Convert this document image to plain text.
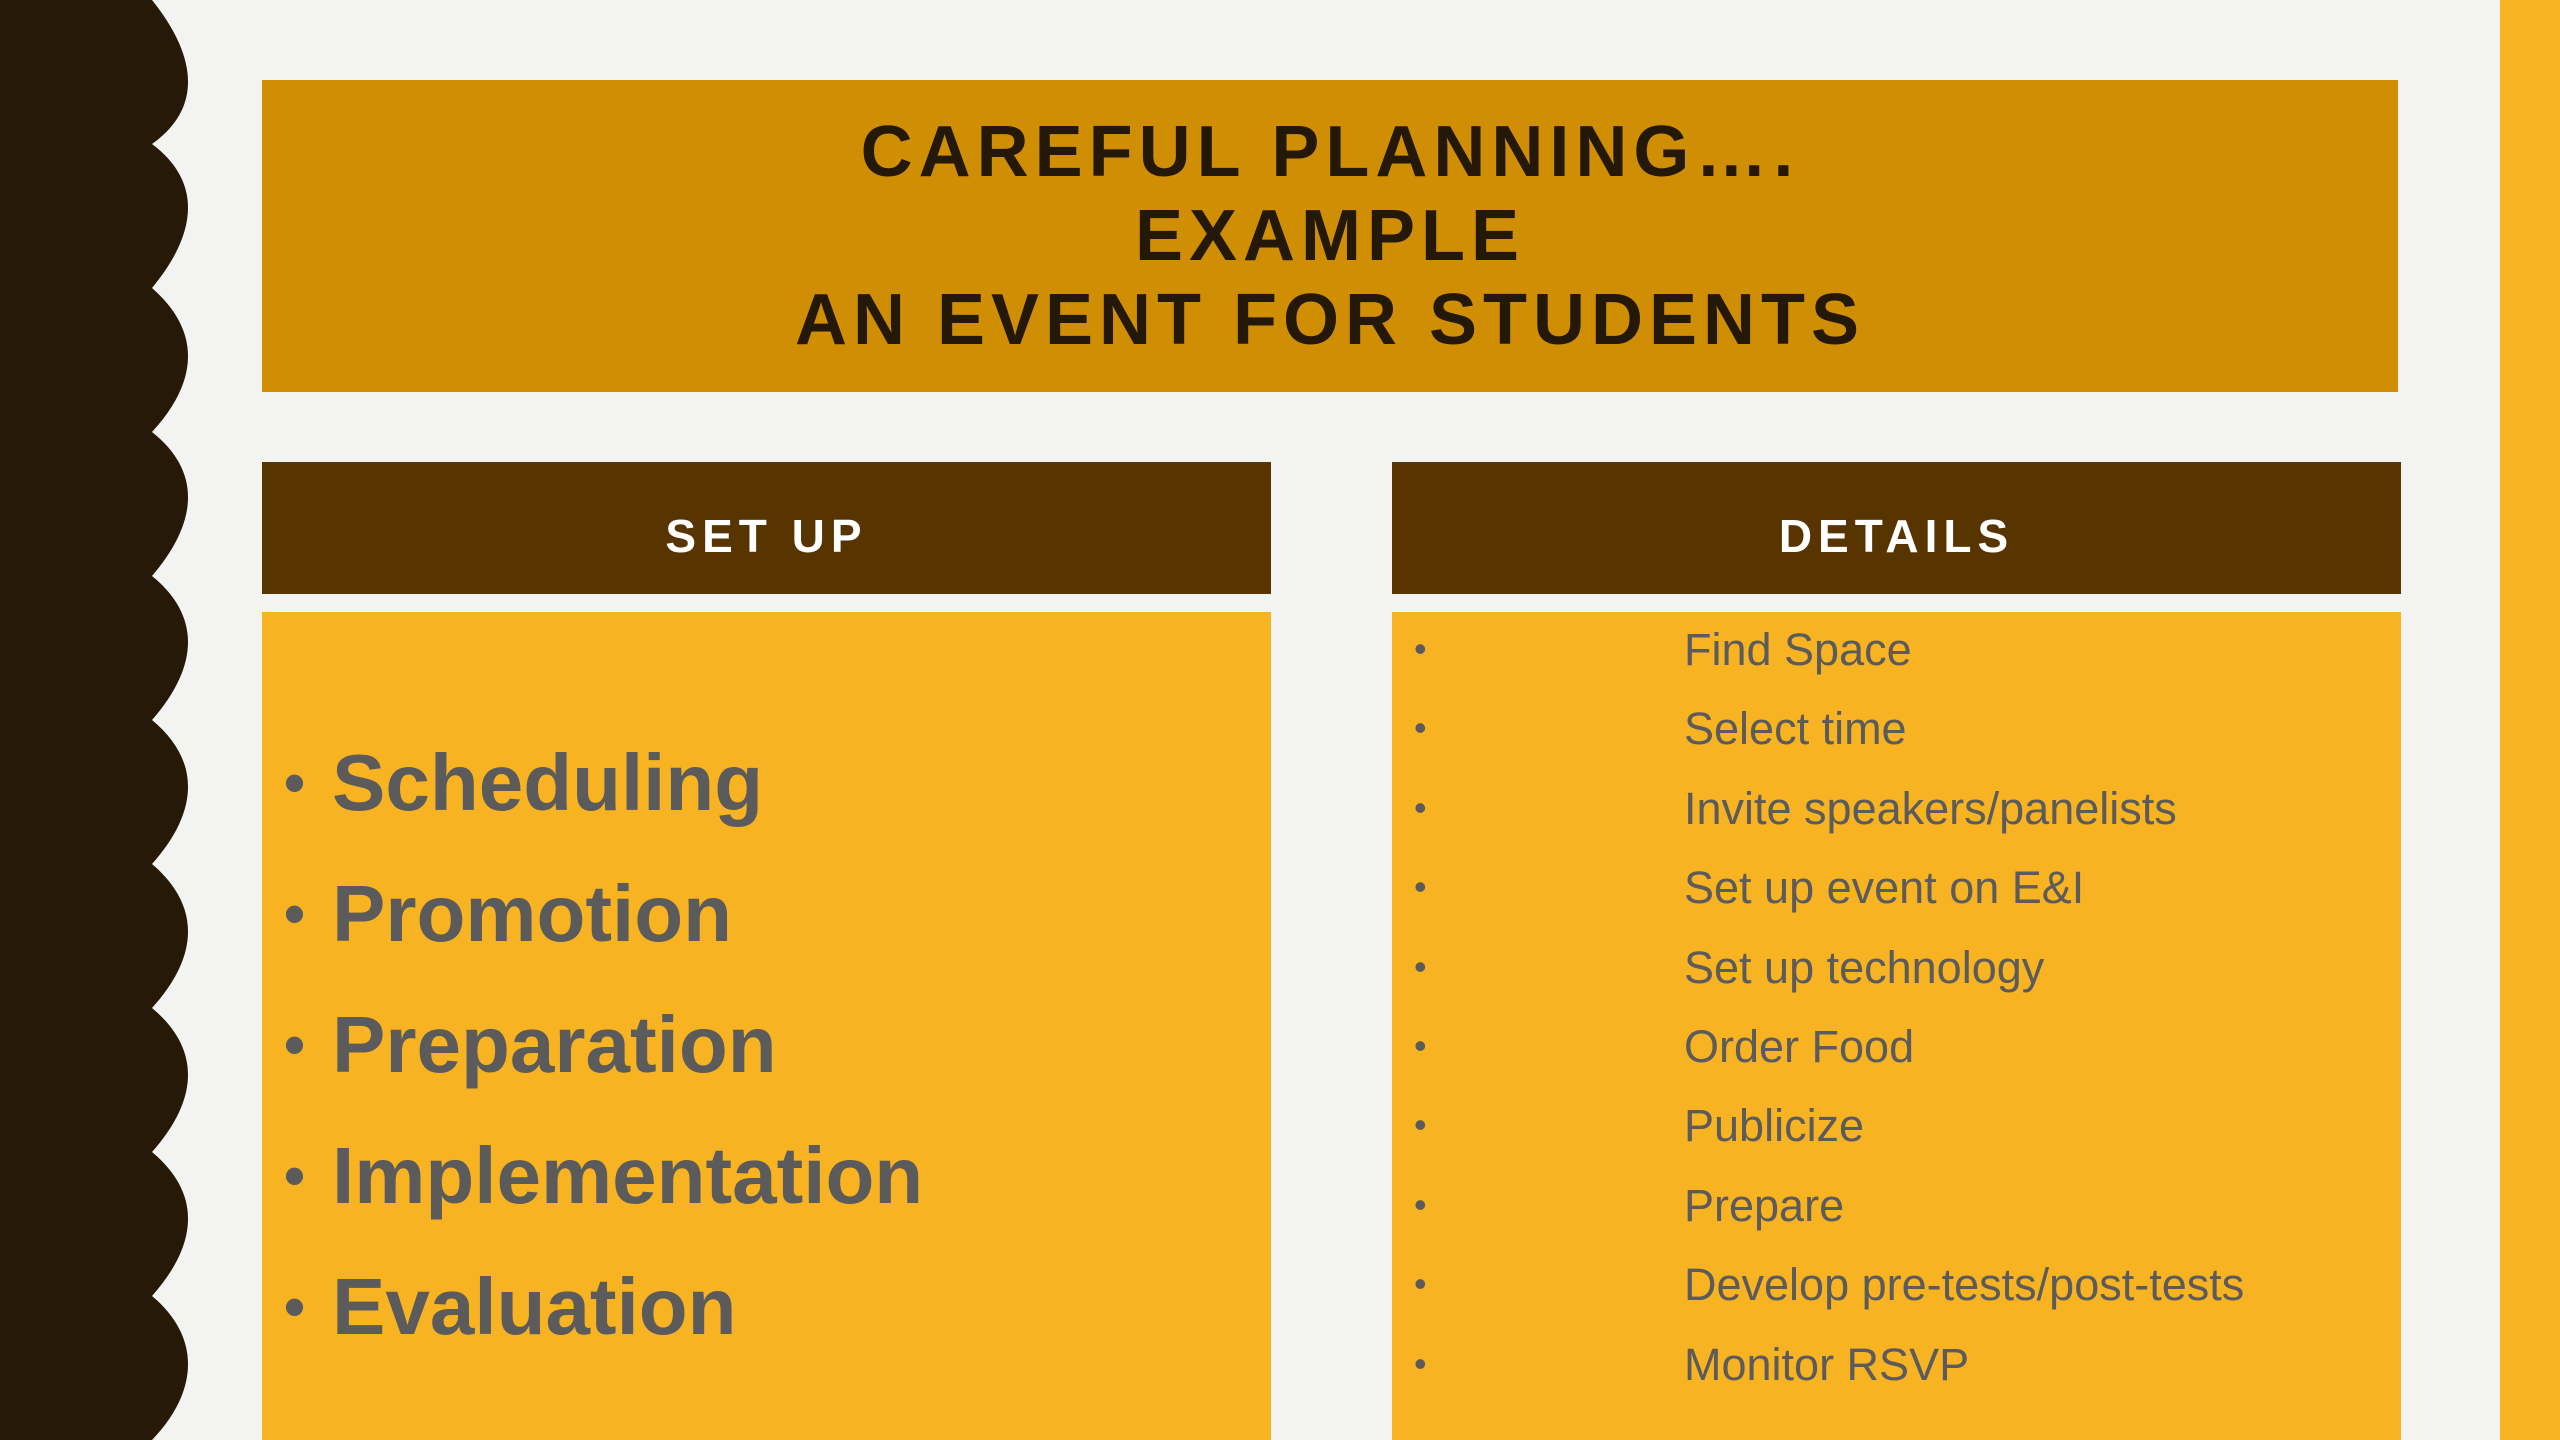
CAREFUL PLANNING….
EXAMPLE
AN EVENT FOR STUDENTS
SET UP
• Scheduling
• Promotion
• Preparation
• Implementation
• Evaluation
DETAILS
•	Find Space
•	Select time
•	Invite speakers/panelists
•	Set up event on E&I
•	Set up technology
•	Order Food
•	Publicize
•	Prepare
•	Develop pre-tests/post-tests
•	Monitor RSVP
